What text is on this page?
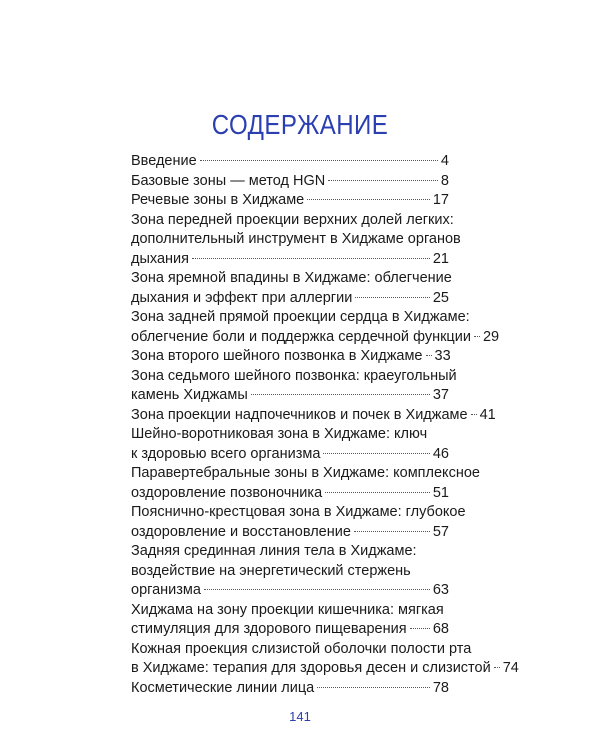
СОДЕРЖАНИЕ
Введение	4
Базовые зоны — метод HGN	8
Речевые зоны в Хиджаме	17
Зона передней проекции верхних долей легких:
дополнительный инструмент в Хиджаме органов
дыхания	21
Зона яремной впадины в Хиджаме: облегчение
дыхания и эффект при аллергии	25
Зона задней прямой проекции сердца в Хиджаме:
облегчение боли и поддержка сердечной функции 29
Зона второго шейного позвонка в Хиджаме 33
Зона седьмого шейного позвонка: краеугольный
камень Хиджамы	37
Зона проекции надпочечников и почек в Хиджаме 41
Шейно-воротниковая зона в Хиджаме: ключ
к здоровью всего организма	46
Паравертебральные зоны в Хиджаме: комплексное
оздоровление позвоночника	51
Пояснично-крестцовая зона в Хиджаме: глубокое
оздоровление и восстановление	57
Задняя срединная линия тела в Хиджаме:
воздействие на энергетический стержень
организма	63
Хиджама на зону проекции кишечника: мягкая
стимуляция для здорового пищеварения 68
Кожная проекция слизистой оболочки полости рта
в Хиджаме: терапия для здоровья десен и слизистой 74
Косметические линии лица	78
141
